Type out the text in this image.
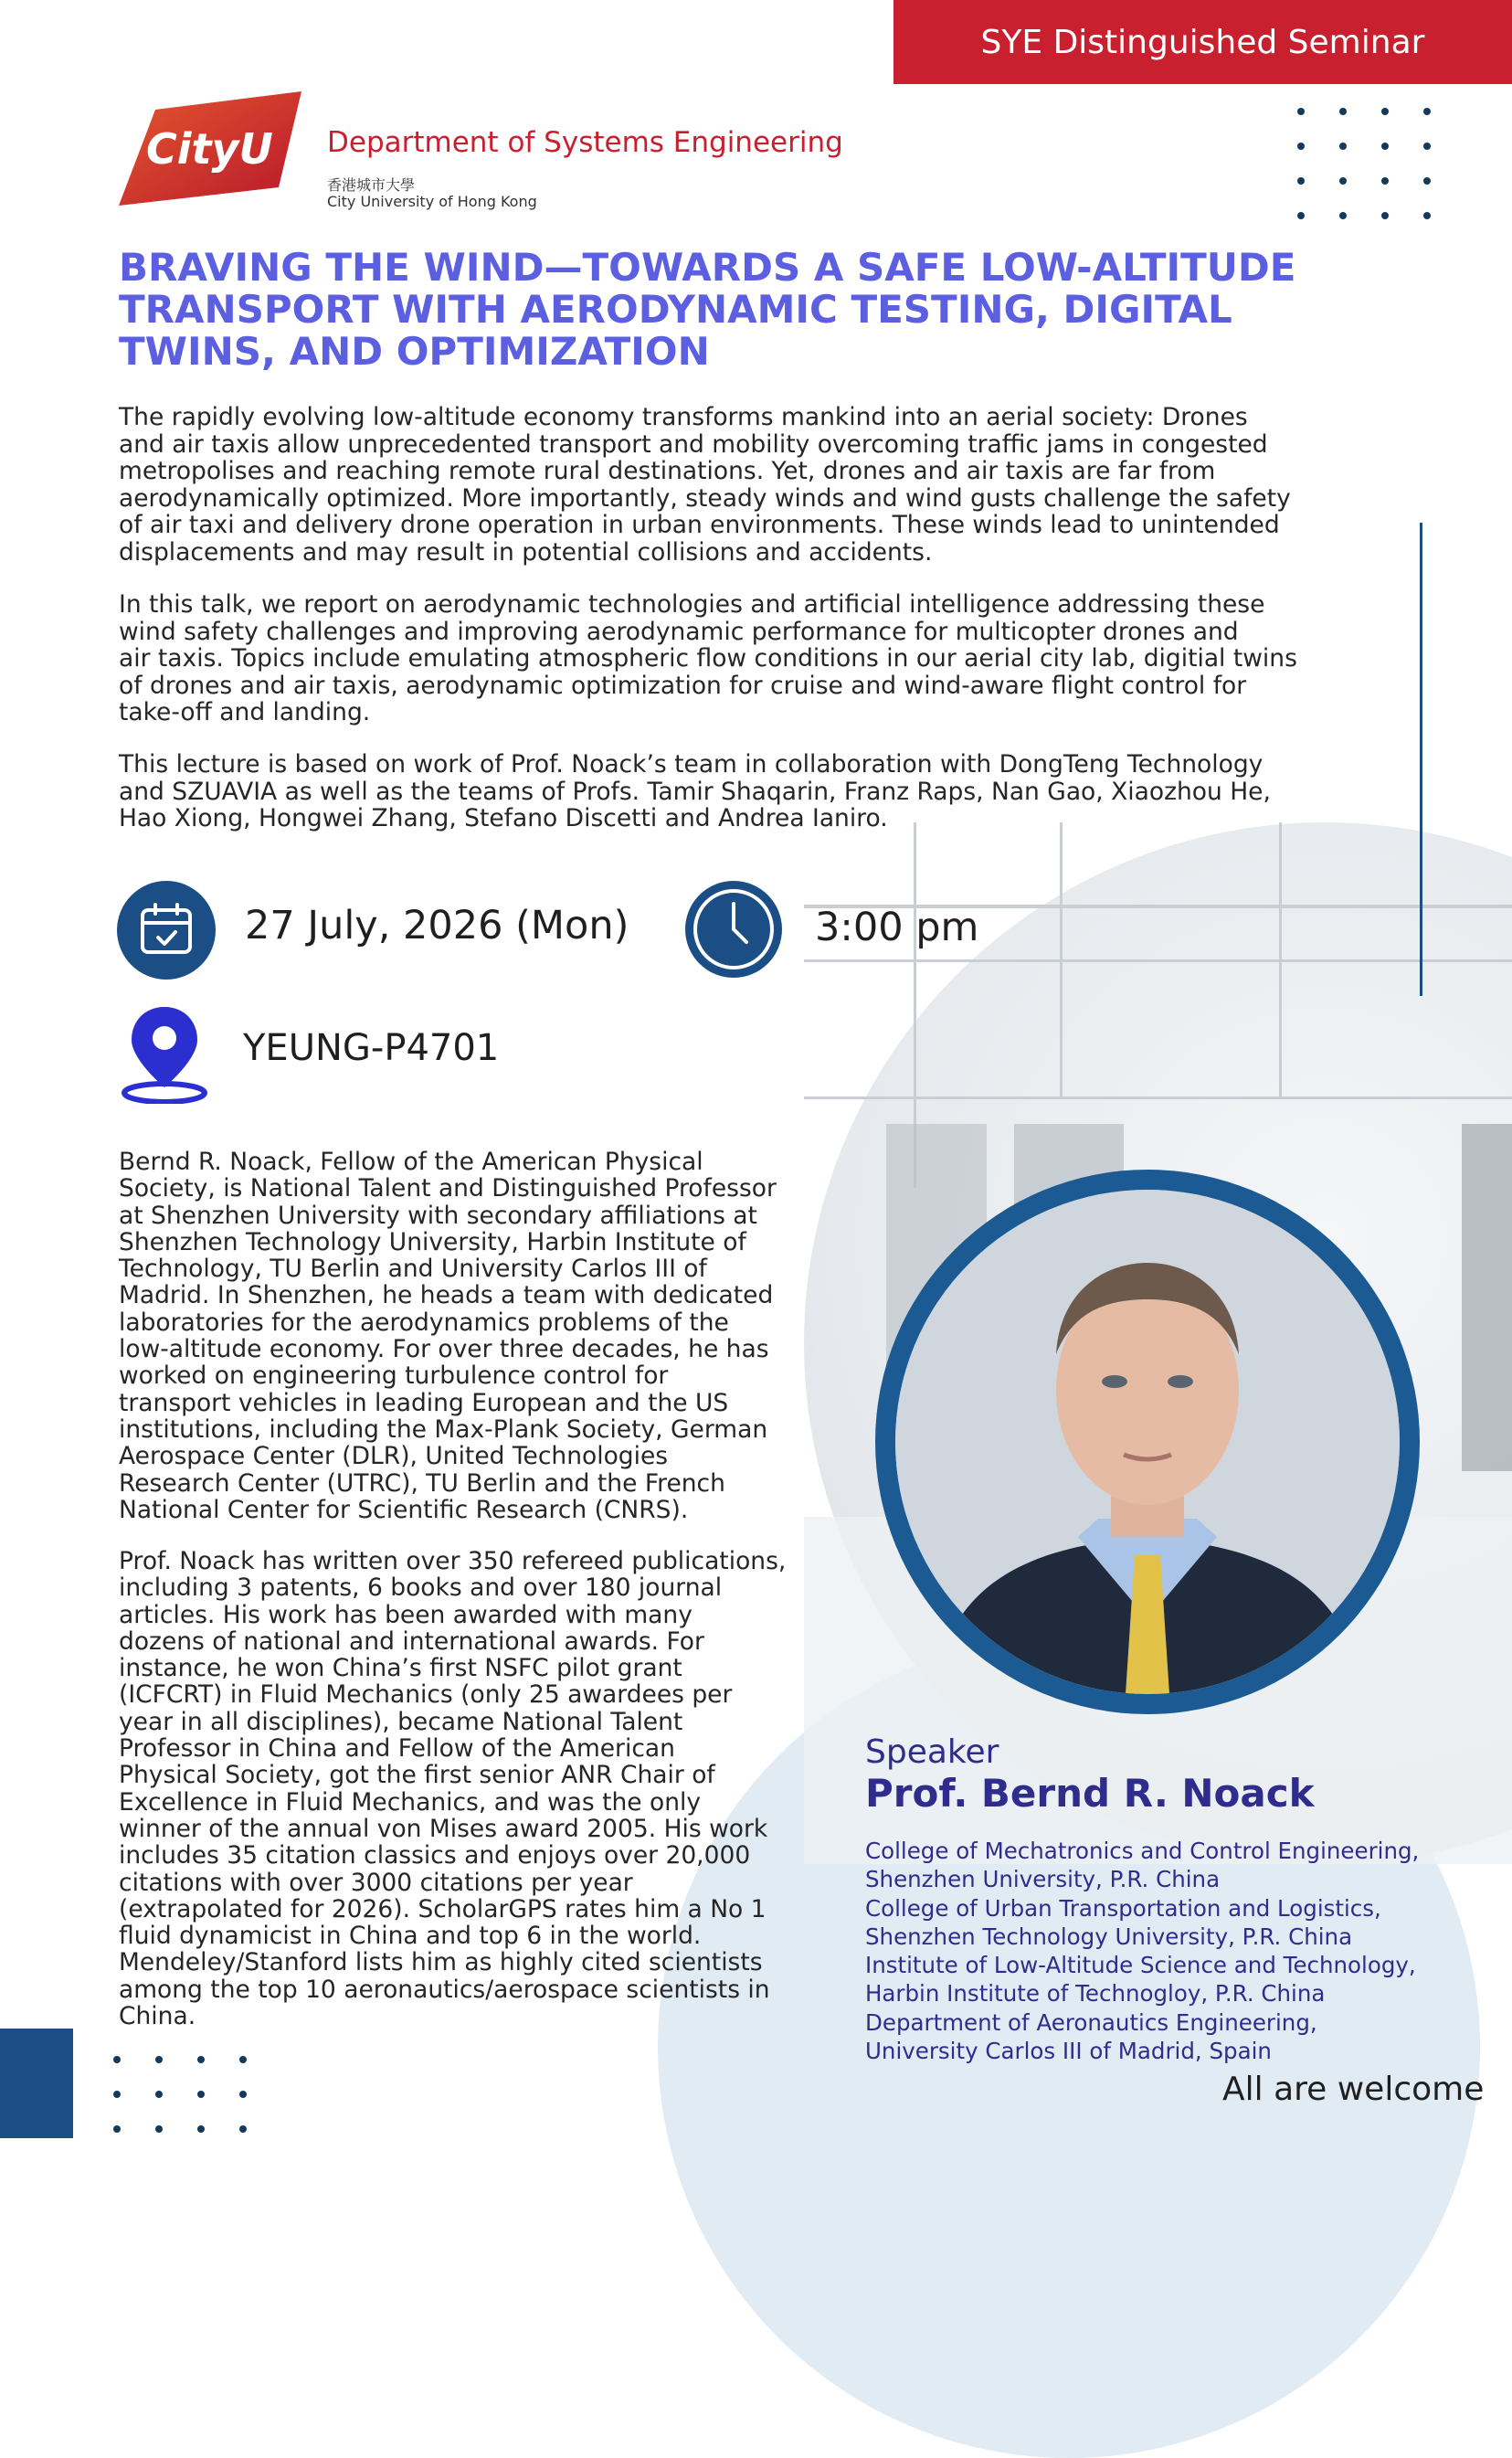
SYE Distinguished Seminar
CityU Department of Systems Engineering
香港城市大學
City University of Hong Kong
BRAVING THE WIND—TOWARDS A SAFE LOW-ALTITUDE
TRANSPORT WITH AERODYNAMIC TESTING, DIGITAL
TWINS, AND OPTIMIZATION
The rapidly evolving low-altitude economy transforms mankind into an aerial society: Drones
and air taxis allow unprecedented transport and mobility overcoming traffic jams in congested
metropolises and reaching remote rural destinations. Yet, drones and air taxis are far from
aerodynamically optimized. More importantly, steady winds and wind gusts challenge the safety
of air taxi and delivery drone operation in urban environments. These winds lead to unintended
displacements and may result in potential collisions and accidents.
In this talk, we report on aerodynamic technologies and artificial intelligence addressing these
wind safety challenges and improving aerodynamic performance for multicopter drones and
air taxis. Topics include emulating atmospheric flow conditions in our aerial city lab, digitial twins
of drones and air taxis, aerodynamic optimization for cruise and wind-aware flight control for
take-off and landing.
This lecture is based on work of Prof. Noack’s team in collaboration with DongTeng Technology
and SZUAVIA as well as the teams of Profs. Tamir Shaqarin, Franz Raps, Nan Gao, Xiaozhou He,
Hao Xiong, Hongwei Zhang, Stefano Discetti and Andrea Ianiro.
27 July, 2026 (Mon)	3:00 pm
YEUNG-P4701
Bernd R. Noack, Fellow of the American Physical
Society, is National Talent and Distinguished Professor
at Shenzhen University with secondary affiliations at
Shenzhen Technology University, Harbin Institute of
Technology, TU Berlin and University Carlos III of
Madrid. In Shenzhen, he heads a team with dedicated
laboratories for the aerodynamics problems of the
low-altitude economy. For over three decades, he has
worked on engineering turbulence control for
transport vehicles in leading European and the US
institutions, including the Max-Plank Society, German
Aerospace Center (DLR), United Technologies
Research Center (UTRC), TU Berlin and the French
National Center for Scientific Research (CNRS).
Prof. Noack has written over 350 refereed publications,
including 3 patents, 6 books and over 180 journal
articles. His work has been awarded with many
dozens of national and international awards. For
instance, he won China’s first NSFC pilot grant
(ICFCRT) in Fluid Mechanics (only 25 awardees per
year in all disciplines), became National Talent
Professor in China and Fellow of the American
Physical Society, got the first senior ANR Chair of
Excellence in Fluid Mechanics, and was the only
winner of the annual von Mises award 2005. His work
includes 35 citation classics and enjoys over 20,000
citations with over 3000 citations per year
(extrapolated for 2026). ScholarGPS rates him a No 1
fluid dynamicist in China and top 6 in the world.
Mendeley/Stanford lists him as highly cited scientists
among the top 10 aeronautics/aerospace scientists in
China.
Speaker
Prof. Bernd R. Noack
College of Mechatronics and Control Engineering,
Shenzhen University, P.R. China
College of Urban Transportation and Logistics,
Shenzhen Technology University, P.R. China
Institute of Low-Altitude Science and Technology,
Harbin Institute of Technogloy, P.R. China
Department of Aeronautics Engineering,
University Carlos III of Madrid, Spain
All are welcome
